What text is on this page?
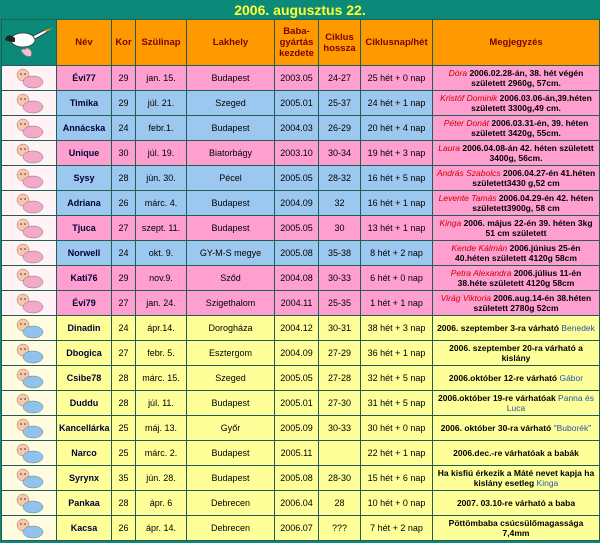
2006. augusztus 22.
	Név	Kor	Szülinap	Lakhely	Baba-gyártás kezdete	Ciklus hossza	Ciklusnap/hét	Megjegyzés

	Évi77	29	jan. 15.	Budapest	2003.05	24-27	25 hét + 0 nap	Dóra 2006.02.28-án, 38. hét végén született 2960g, 57cm.

	Timika	29	júl. 21.	Szeged	2005.01	25-37	24 hét + 1 nap	Kristóf Dominik 2006.03.06-án,39.héten született 3300g,49 cm.

	Annácska	24	febr.1.	Budapest	2004.03	26-29	20 hét + 4 nap	Péter Donát 2006.03.31-én, 39. héten született 3420g, 55cm.

	Unique	30	júl. 19.	Biatorbágy	2003.10	30-34	19 hét + 3 nap	Laura 2006.04.08-án 42. héten született 3400g, 56cm.

	Sysy	28	jún. 30.	Pécel	2005.05	28-32	16 hét + 5 nap	András Szabolcs 2006.04.27-én 41.héten született3430 g,52 cm

	Adriana	26	márc. 4.	Budapest	2004.09	32	16 hét + 1 nap	Levente Tamás 2006.04.29-én 42. héten született3900g, 58 cm

	Tjuca	27	szept. 11.	Budapest	2005.05	30	13 hét + 1 nap	Kinga 2006. május 22-én 39. héten 3kg 51 cm született

	Norwell	24	okt. 9.	GY-M-S megye	2005.08	35-38	8 hét + 2 nap	Kende Kálmán 2006.június 25-én 40.héten született 4120g 58cm

	Kati76	29	nov.9.	Sződ	2004.08	30-33	6 hét + 0 nap	Petra Alexandra 2006.július 11-én 38.héte született 4120g 58cm

	Évi79	27	jan. 24.	Szigethalom	2004.11	25-35	1 hét + 1 nap	Virág Viktoria 2006.aug.14-én 38.héten született 2780g 52cm

	Dinadin	24	ápr.14.	Dorogháza	2004.12	30-31	38 hét + 3 nap	2006. szeptember 3-ra várható Benedek

	Dbogica	27	febr. 5.	Esztergom	2004.09	27-29	36 hét + 1 nap	2006. szeptember 20-ra várható a kislány

	Csibe78	28	márc. 15.	Szeged	2005.05	27-28	32 hét + 5 nap	2006.október 12-re várható Gábor

	Duddu	28	júl. 11.	Budapest	2005.01	27-30	31 hét + 5 nap	2006.október 19-re várhatóak Panna és Luca

	Kancellárka	25	máj. 13.	Győr	2005.09	30-33	30 hét + 0 nap	2006. október 30-ra várható "Buborék"

	Narco	25	márc. 2.	Budapest	2005.11		22 hét + 1 nap	2006.dec.-re várhatóak a babák

	Syrynx	35	jún. 28.	Budapest	2005.08	28-30	15 hét + 6 nap	Ha kisfiú érkezik a Máté nevet kapja ha kislány esetleg Kinga

	Pankaa	28	ápr. 6	Debrecen	2006.04	28	10 hét + 0 nap	2007. 03.10-re várható a baba

	Kacsa	26	ápr. 14.	Debrecen	2006.07	???	7 hét + 2 nap	Pöttömbaba csúcsülőmagassága 7,4mm
